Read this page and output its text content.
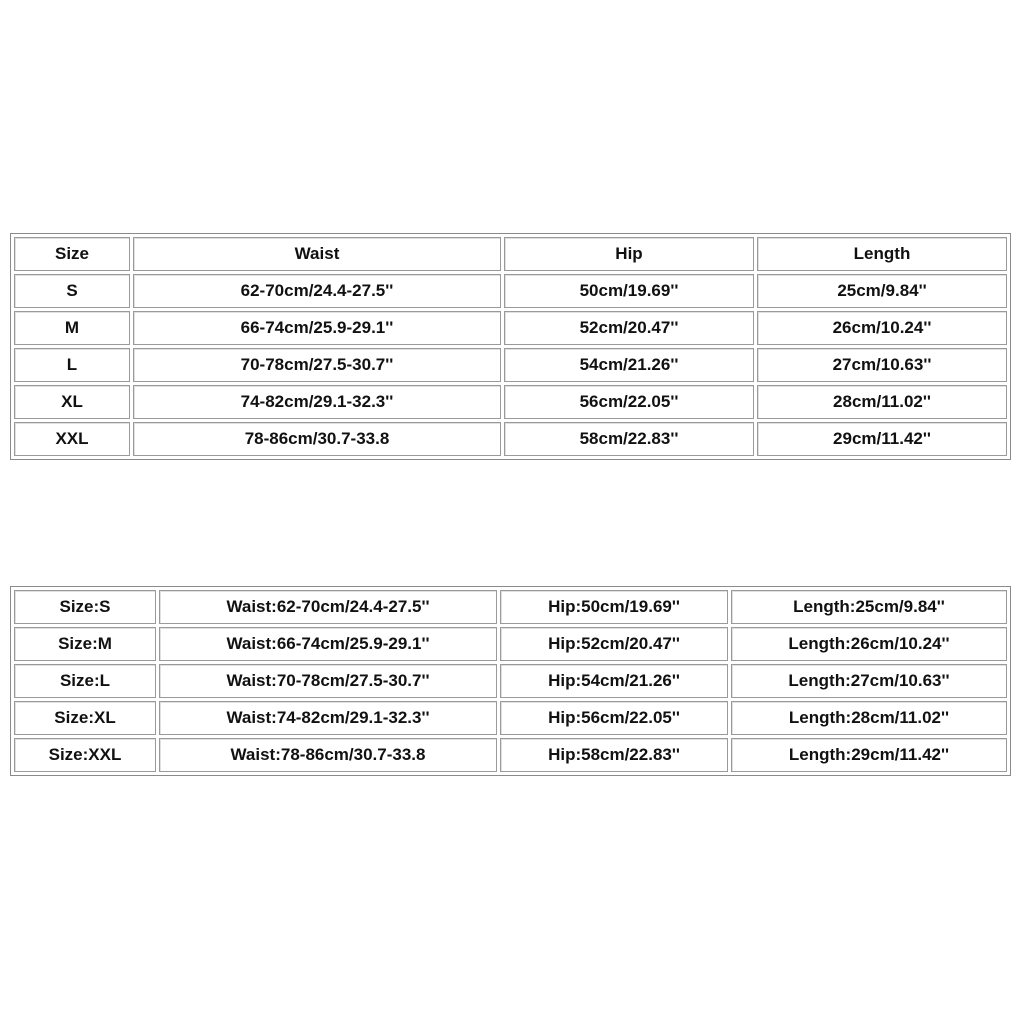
Size	Waist	Hip	Length
S	62-70cm/24.4-27.5''	50cm/19.69''	25cm/9.84''
M	66-74cm/25.9-29.1''	52cm/20.47''	26cm/10.24''
L	70-78cm/27.5-30.7''	54cm/21.26''	27cm/10.63''
XL	74-82cm/29.1-32.3''	56cm/22.05''	28cm/11.02''
XXL	78-86cm/30.7-33.8	58cm/22.83''	29cm/11.42''
Size:S	Waist:62-70cm/24.4-27.5''	Hip:50cm/19.69''	Length:25cm/9.84''
Size:M	Waist:66-74cm/25.9-29.1''	Hip:52cm/20.47''	Length:26cm/10.24''
Size:L	Waist:70-78cm/27.5-30.7''	Hip:54cm/21.26''	Length:27cm/10.63''
Size:XL	Waist:74-82cm/29.1-32.3''	Hip:56cm/22.05''	Length:28cm/11.02''
Size:XXL	Waist:78-86cm/30.7-33.8	Hip:58cm/22.83''	Length:29cm/11.42''
